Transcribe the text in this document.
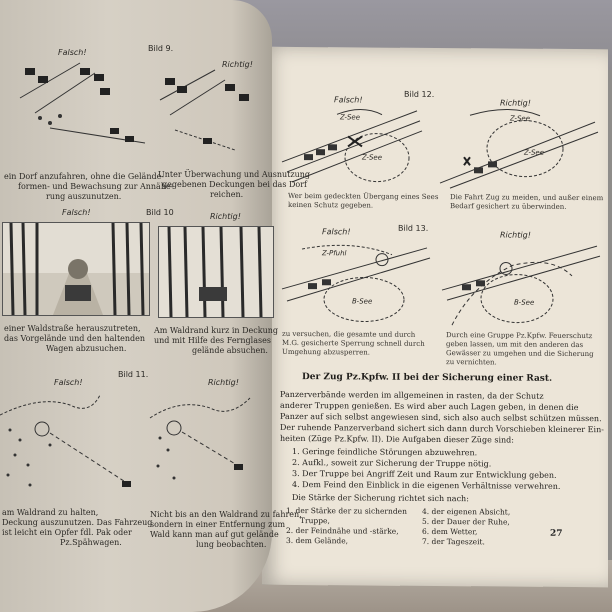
Falsch!
Bild 12.
Richtig!
Z-See
Z-See
Z-See
Z-See
Wer beim gedeckten Übergang eines Sees
keinen Schutz gegeben.
Die Fahrt Zug zu meiden, und außer einem
Bedarf gesichert zu überwinden.
Falsch!	Bild 13.
Richtig!
Z-Pfuhl
B-See	B-See
zu versuchen, die gesamte und durch
M.G. gesicherte Sperrung schnell durch
Umgehung abzusperren.
Durch eine Gruppe Pz.Kpfw. Feuerschutz
geben lassen, um mit den anderen das
Gewässer zu umgehen und die Sicherung
zu vernichten.
Der Zug Pz.Kpfw. II bei der Sicherung einer Rast.
Panzerverbände werden im allgemeinen in rasten, da der Schutz
anderer Truppen genießen. Es wird aber auch Lagen geben, in denen die
Panzer auf sich selbst angewiesen sind, sich also auch selbst schützen müssen.
Der ruhende Panzerverband sichert sich dann durch Vorschieben kleinerer Ein-
heiten (Züge Pz.Kpfw. II). Die Aufgaben dieser Züge sind:
1. Geringe feindliche Störungen abzuwehren.
2. Aufkl., soweit zur Sicherung der Truppe nötig.
3. Der Truppe bei Angriff Zeit und Raum zur Entwicklung geben.
4. Dem Feind den Einblick in die eigenen Verhältnisse verwehren.
Die Stärke der Sicherung richtet sich nach:
1. der Stärke der zu sichernden
Truppe,
2. der Feindnähe und -stärke,
3. dem Gelände,
4. der eigenen Absicht,
5. der Dauer der Ruhe,
6. dem Wetter,
7. der Tageszeit.
27
Falsch!	Bild 9.
Richtig!
ein Dorf anzufahren, ohne die Gelände-
formen- und Bewachsung zur Annähe-
rung auszunutzen.
Unter Überwachung und Ausnutzung
gegebenen Deckungen bei das Dorf
reichen.
Falsch!	Bild 10	Richtig!
einer Waldstraße herauszutreten,
das Vorgelände und den haltenden
Wagen abzusuchen.
Am Waldrand kurz in Deckung
und mit Hilfe des Fernglases
gelände absuchen.
Bild 11.
Falsch!	Richtig!
am Waldrand zu halten,
Deckung auszunutzen. Das Fahrzeug
ist leicht ein Opfer fdl. Pak oder
Pz.Spähwagen.
Nicht bis an den Waldrand zu fahren,
sondern in einer Entfernung zum
Wald kann man auf gut gelände
lung beobachten.
